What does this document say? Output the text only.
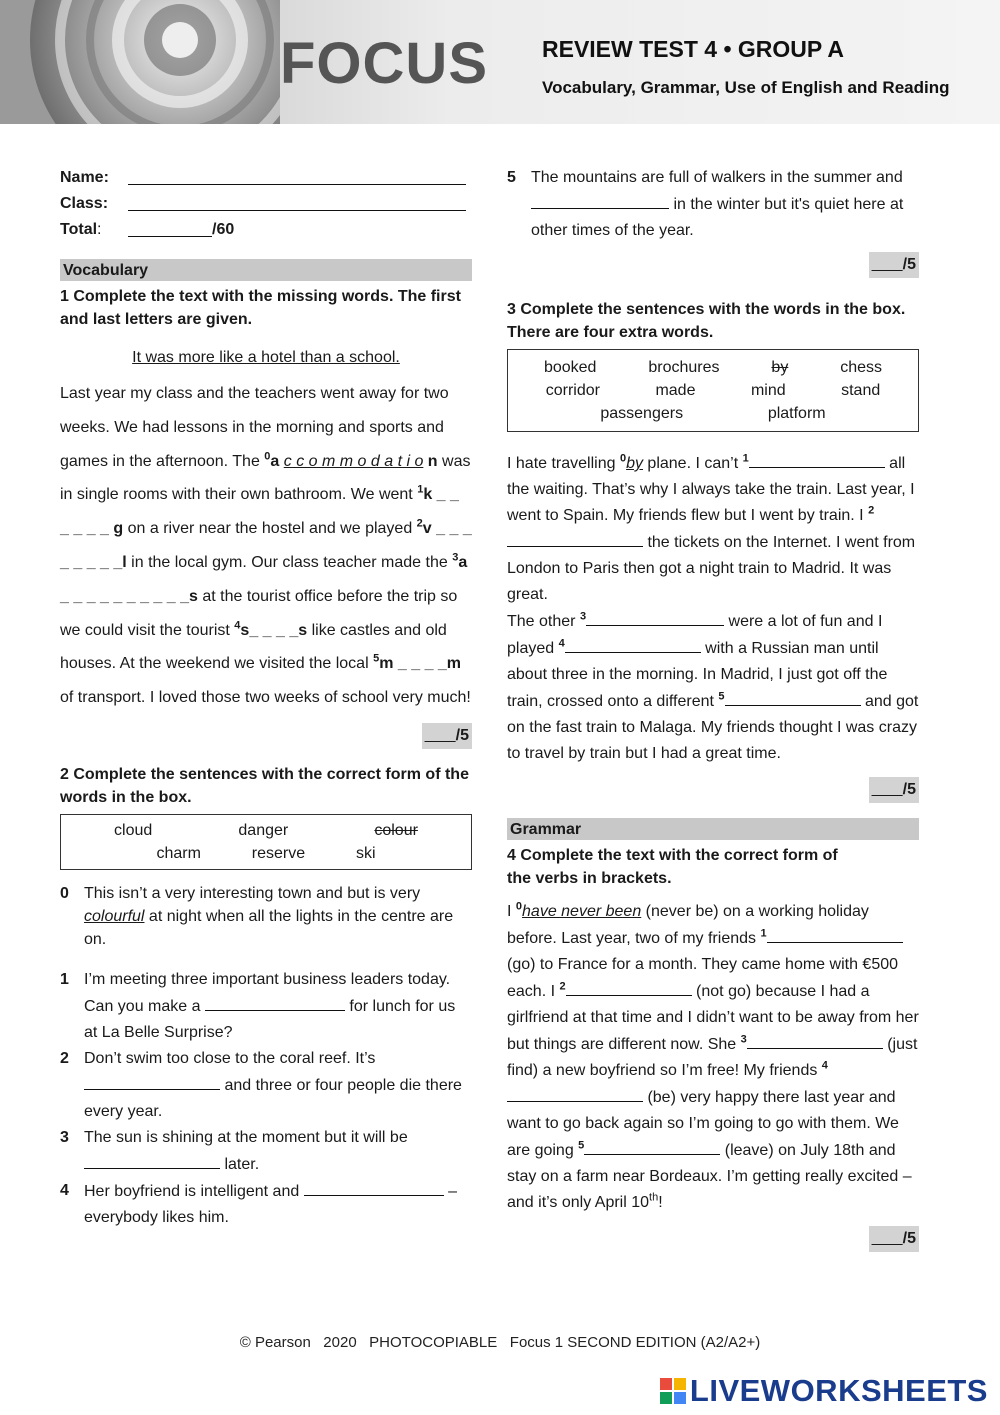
FOCUS REVIEW TEST 4 • GROUP A
Vocabulary, Grammar, Use of English and Reading
Name:
Class:
Total:	/60
Vocabulary
1 Complete the text with the missing words. The first and last letters are given.
It was more like a hotel than a school.
Last year my class and the teachers went away for two weeks. We had lessons in the morning and sports and games in the afternoon. The $^0$a c c o m m o d a t i o n was in single rooms with their own bathroom. We went $^1$k _ _ _ _ _ _ g on a river near the hostel and we played $^2$v _ _ _ _ _ _ _ _l in the local gym. Our class teacher made the $^3$a _ _ _ _ _ _ _ _ _ _s at the tourist office before the trip so we could visit the tourist $^4$s_ _ _ _s like castles and old houses. At the weekend we visited the local $^5$m _ _ _ _m of transport. I loved those two weeks of school very much!
/5
2 Complete the sentences with the correct form of the words in the box.
cloud	danger	colour
charm	reserve	ski
0 This isn’t a very interesting town and but is very colourful at night when all the lights in the centre are on.
1 I’m meeting three important business leaders today. Can you make a	for lunch for us at La Belle Surprise?
2 Don’t swim too close to the coral reef. It’s  and three or four people die there every year.
3 The sun is shining at the moment but it will be  later.
4 Her boyfriend is intelligent and	– everybody likes him.
5 The mountains are full of walkers in the summer and  in the winter but it's quiet here at other times of the year.
/5
3 Complete the sentences with the words in the box. There are four extra words.
booked	brochures	by	chess
corridor	made	mind	stand
passengers	platform
I hate travelling $^0$by plane. I can’t $^1$	all the waiting. That’s why I always take the train. Last year, I went to Spain. My friends flew but I went by train. I $^2$ the tickets on the Internet. I went from London to Paris then got a night train to Madrid. It was great.
The other $^3$	were a lot of fun and I played $^4$	with a Russian man until about three in the morning. In Madrid, I just got off the train, crossed onto a different $^5$	and got on the fast train to Malaga. My friends thought I was crazy to travel by train but I had a great time.
/5
Grammar
4 Complete the text with the correct form of the verbs in brackets.
I $^0$have never been (never be) on a working holiday before. Last year, two of my friends $^1$ (go) to France for a month. They came home with €500 each. I $^2$	(not go) because I had a girlfriend at that time and I didn’t want to be away from her but things are different now. She $^3$	(just find) a new boyfriend so I’m free! My friends $^4$ (be) very happy there last year and want to go back again so I’m going to go with them. We are going $^5$	(leave) on July 18th and stay on a farm near Bordeaux. I’m getting really excited – and it’s only April 10th!
/5
© Pearson   2020   PHOTOCOPIABLE   Focus 1 SECOND EDITION (A2/A2+)
LIVEWORKSHEETS
